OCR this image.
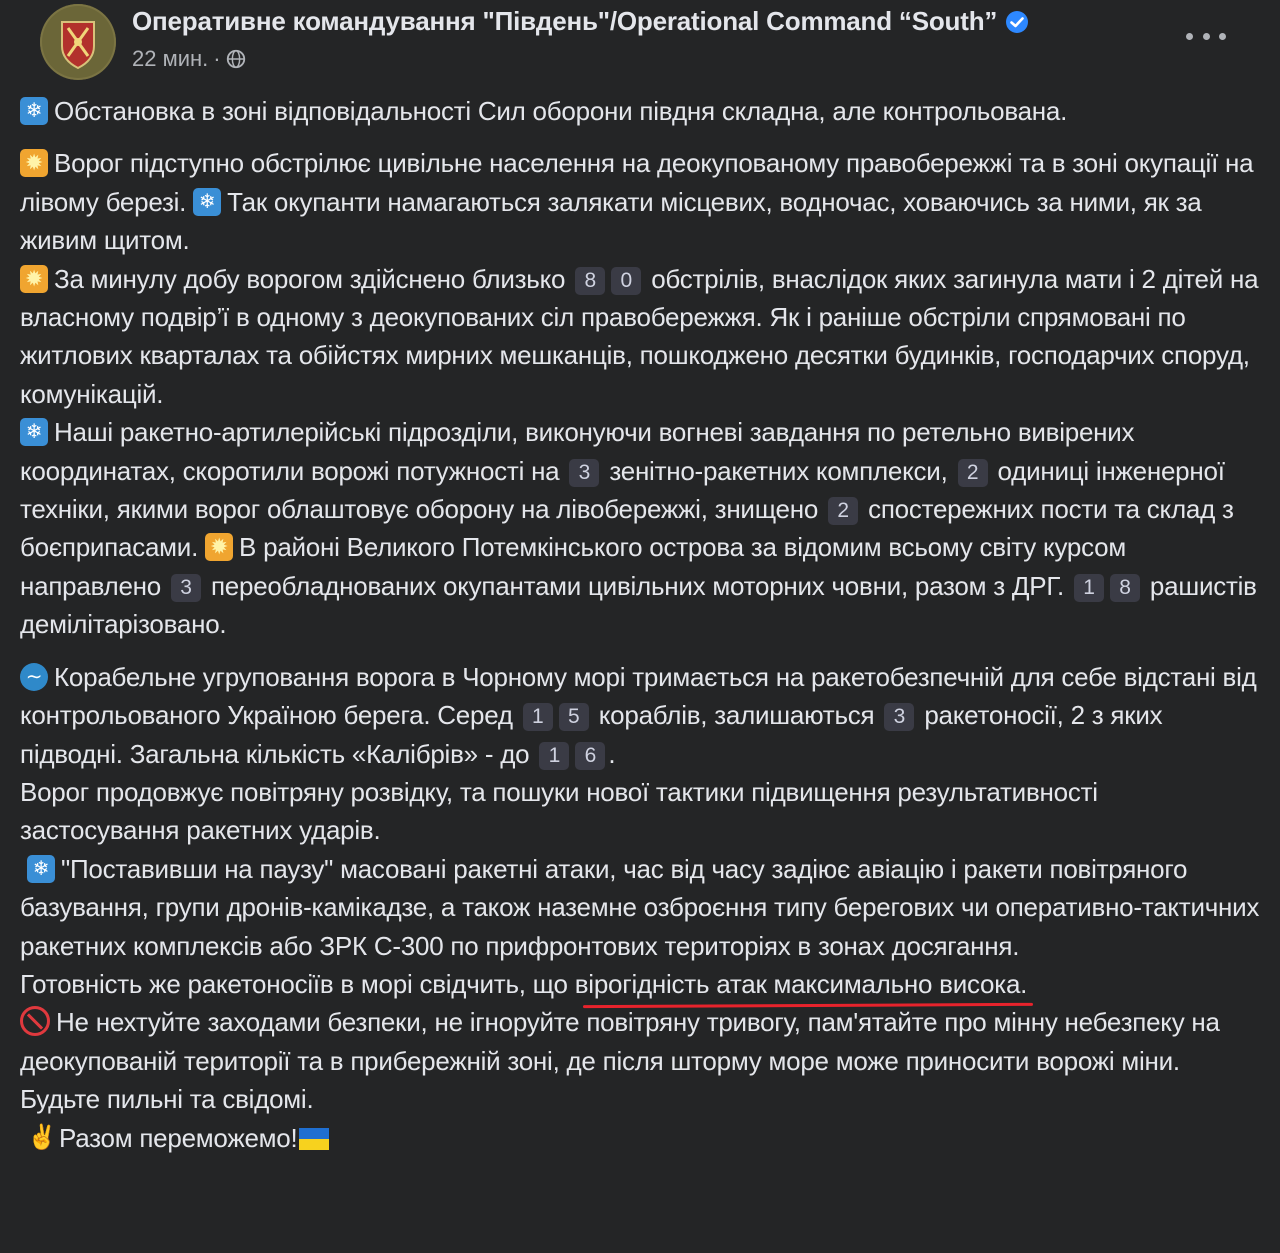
Оперативне командування "Південь"/Operational Command “South”
22 мин. ·

❄Обстановка в зоні відповідальності Сил оборони півдня складна, але контрольована.

✹Ворог підступно обстрілює цивільне населення на деокупованому правобережжі та в зоні окупації на лівому березі. ❄ Так окупанти намагаються залякати місцевих, водночас, ховаючись за ними, як за живим щитом.
✹За минулу добу ворогом здійснено близько 8 0 обстрілів, внаслідок яких загинула мати і 2 дітей на власному подвір’ї в одному з деокупованих сіл правобережжя. Як і раніше обстріли спрямовані по житлових кварталах та обійстях мирних мешканців, пошкоджено десятки будинків, господарчих споруд, комунікацій.
❄Наші ракетно-артилерійські підрозділи, виконуючи вогневі завдання по ретельно вивірених координатах, скоротили ворожі потужності на 3 зенітно-ракетних комплекси, 2 одиниці інженерної техніки, якими ворог облаштовує оборону на лівобережжі, знищено 2 спостережних пости та склад з боєприпасами. ✹ В районі Великого Потемкінського острова за відомим всьому світу курсом направлено 3 переобладнованих окупантами цивільних моторних човни, разом з ДРГ. 1 8 рашистів демілітарізовано.

∼Корабельне угруповання ворога в Чорному морі тримається на ракетобезпечній для себе відстані від контрольованого Україною берега. Серед 1 5 кораблів, залишаються 3 ракетоносії, 2 з яких підводні. Загальна кількість «Калібрів» - до 1 6 .
Ворог продовжує повітряну розвідку, та пошуки нової тактики підвищення результативності застосування ракетних ударів.
❄"Поставивши на паузу" масовані ракетні атаки, час від часу задіює авіацію і ракети повітряного базування, групи дронів-камікадзе, а також наземне озброєння типу берегових чи оперативно-тактичних ракетних комплексів або ЗРК С-300 по прифронтових територіях в зонах досягання.
Готовність же ракетоносіїв в морі свідчить, що вірогідність атак максимально висока.
Не нехтуйте заходами безпеки, не ігноруйте повітряну тривогу, пам'ятайте про мінну небезпеку на деокупованій території та в прибережній зоні, де після шторму море може приносити ворожі міни.
Будьте пильні та свідомі.
✌Разом переможемо!
